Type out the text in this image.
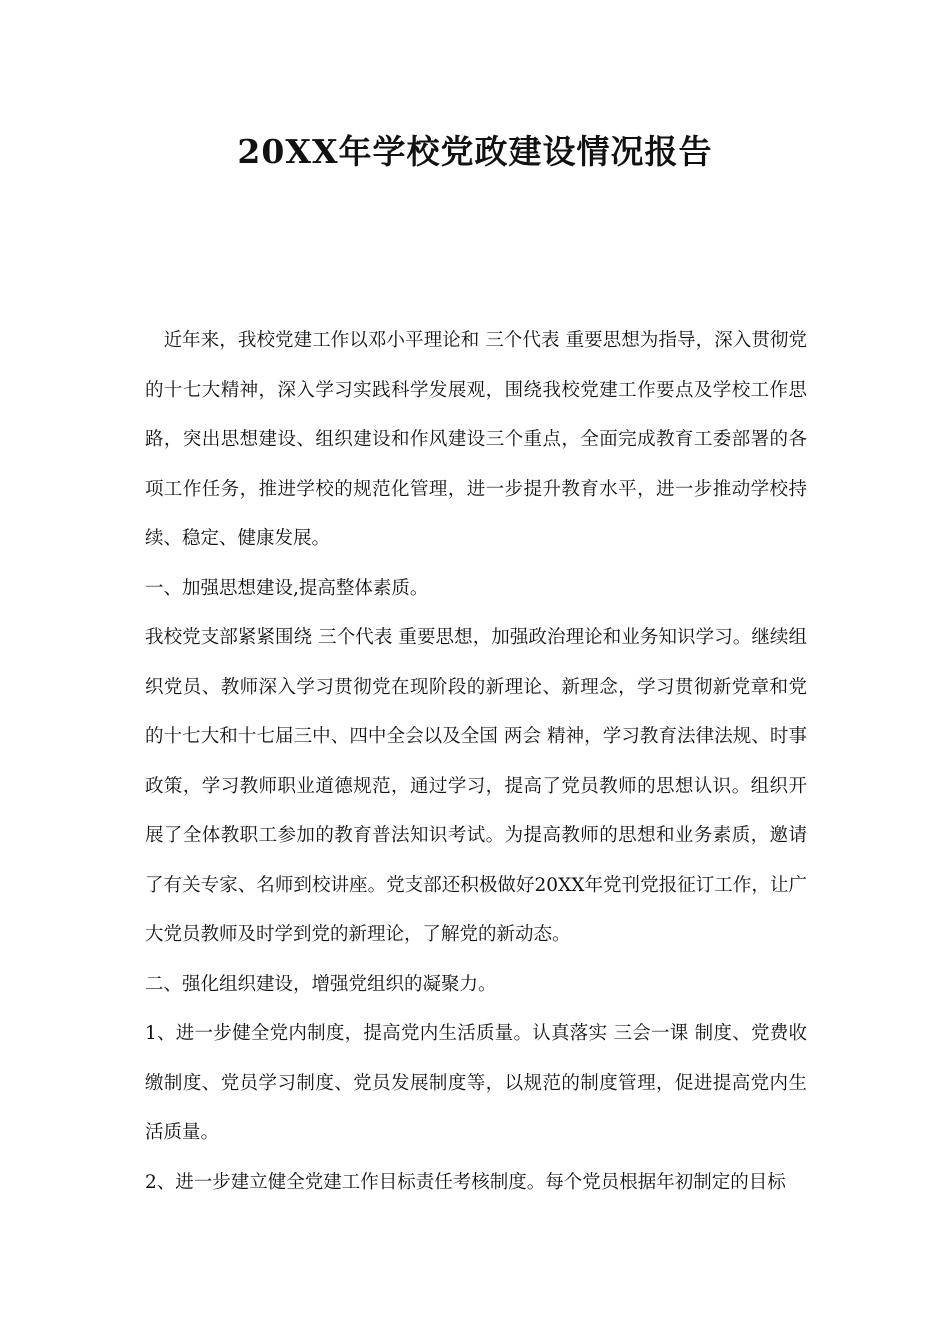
20XX年学校党政建设情况报告

　近年来，我校党建工作以邓小平理论和 三个代表 重要思想为指导，深入贯彻党的十七大精神，深入学习实践科学发展观，围绕我校党建工作要点及学校工作思路，突出思想建设、组织建设和作风建设三个重点，全面完成教育工委部署的各项工作任务，推进学校的规范化管理，进一步提升教育水平，进一步推动学校持续、稳定、健康发展。

一、加强思想建设,提高整体素质。

我校党支部紧紧围绕 三个代表 重要思想，加强政治理论和业务知识学习。继续组织党员、教师深入学习贯彻党在现阶段的新理论、新理念，学习贯彻新党章和党的十七大和十七届三中、四中全会以及全国 两会 精神，学习教育法律法规、时事政策，学习教师职业道德规范，通过学习，提高了党员教师的思想认识。组织开展了全体教职工参加的教育普法知识考试。为提高教师的思想和业务素质，邀请了有关专家、名师到校讲座。党支部还积极做好20XX年党刊党报征订工作，让广大党员教师及时学到党的新理论，了解党的新动态。

二、强化组织建设，增强党组织的凝聚力。

1、进一步健全党内制度，提高党内生活质量。认真落实 三会一课 制度、党费收缴制度、党员学习制度、党员发展制度等，以规范的制度管理，促进提高党内生活质量。

2、进一步建立健全党建工作目标责任考核制度。每个党员根据年初制定的目标
